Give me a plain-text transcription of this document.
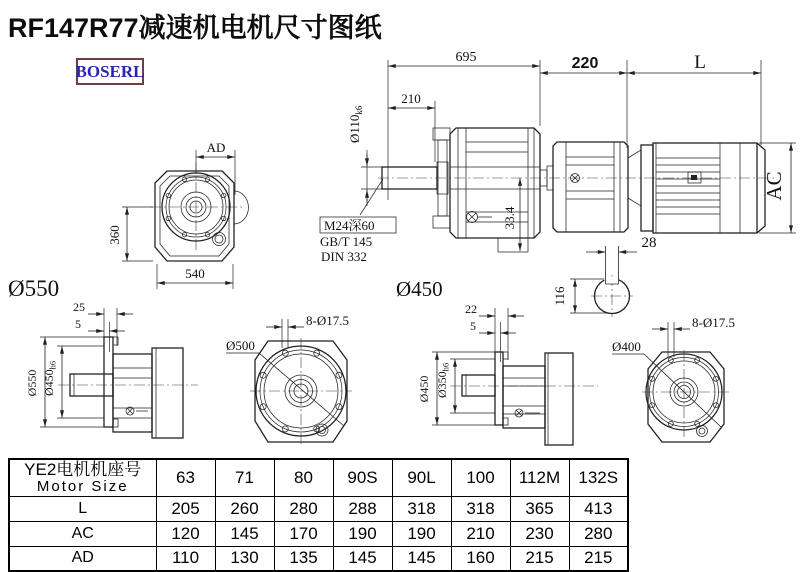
RF147R77减速机电机尺寸图纸
BOSERL
AD
360
540
Ø550
695
210
$Ø110_{k6}$
M24深60
GB/T 145
DIN 332
33.4
Ø450
220	L
AC
28
116
25
5
Ø550 $Ø450_{h6}$
Ø500
8-Ø17.5
22
5
Ø450 $Ø350_{h6}$
Ø400
8-Ø17.5
YE2电机机座号
Motor Size	63	71	80	90S	90L	100	112M	132S
L	205	260	280	288	318	318	365	413
AC	120	145	170	190	190	210	230	280
AD	110	130	135	145	145	160	215	215
